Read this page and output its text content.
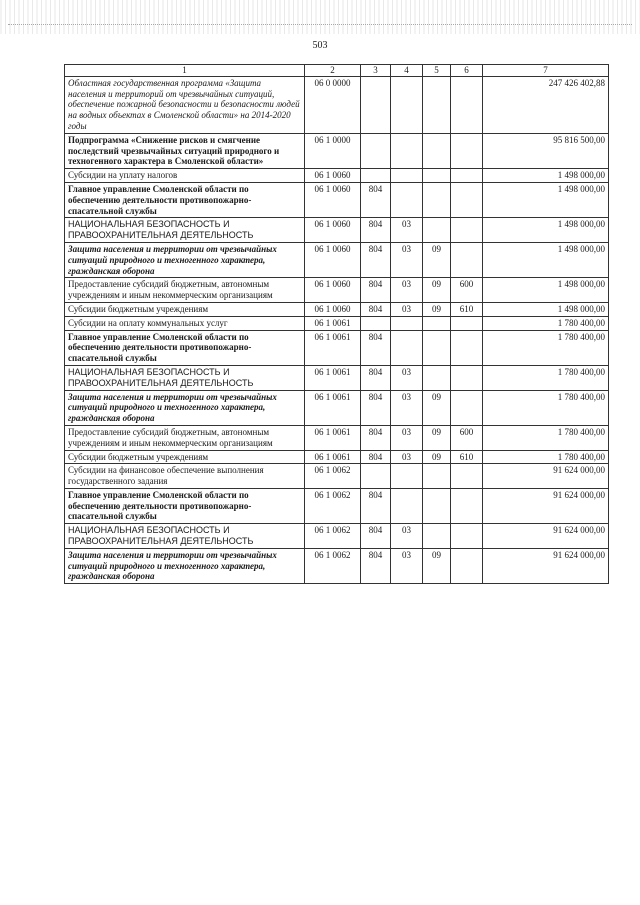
503
1	2	3	4	5	6	7
Областная государственная программа «Защита населения и территорий от чрезвычайных ситуаций, обеспечение пожарной безопасности и безопасности людей на водных объектах в Смоленской области» на 2014-2020 годы	06 0 0000					247 426 402,88
Подпрограмма «Снижение рисков и смягчение последствий чрезвычайных ситуаций природного и техногенного характера в Смоленской области»	06 1 0000					95 816 500,00
Субсидии на уплату налогов	06 1 0060					1 498 000,00
Главное управление Смоленской области по обеспечению деятельности противопожарно-спасательной службы	06 1 0060	804				1 498 000,00
НАЦИОНАЛЬНАЯ БЕЗОПАСНОСТЬ И ПРАВООХРАНИТЕЛЬНАЯ ДЕЯТЕЛЬНОСТЬ	06 1 0060	804	03			1 498 000,00
Защита населения и территории от чрезвычайных ситуаций природного и техногенного характера, гражданская оборона	06 1 0060	804	03	09		1 498 000,00
Предоставление субсидий бюджетным, автономным учреждениям и иным некоммерческим организациям	06 1 0060	804	03	09	600	1 498 000,00
Субсидии бюджетным учреждениям	06 1 0060	804	03	09	610	1 498 000,00
Субсидии на оплату коммунальных услуг	06 1 0061					1 780 400,00
Главное управление Смоленской области по обеспечению деятельности противопожарно-спасательной службы	06 1 0061	804				1 780 400,00
НАЦИОНАЛЬНАЯ БЕЗОПАСНОСТЬ И ПРАВООХРАНИТЕЛЬНАЯ ДЕЯТЕЛЬНОСТЬ	06 1 0061	804	03			1 780 400,00
Защита населения и территории от чрезвычайных ситуаций природного и техногенного характера, гражданская оборона	06 1 0061	804	03	09		1 780 400,00
Предоставление субсидий бюджетным, автономным учреждениям и иным некоммерческим организациям	06 1 0061	804	03	09	600	1 780 400,00
Субсидии бюджетным учреждениям	06 1 0061	804	03	09	610	1 780 400,00
Субсидии на финансовое обеспечение выполнения государственного задания	06 1 0062					91 624 000,00
Главное управление Смоленской области по обеспечению деятельности противопожарно-спасательной службы	06 1 0062	804				91 624 000,00
НАЦИОНАЛЬНАЯ БЕЗОПАСНОСТЬ И ПРАВООХРАНИТЕЛЬНАЯ ДЕЯТЕЛЬНОСТЬ	06 1 0062	804	03			91 624 000,00
Защита населения и территории от чрезвычайных ситуаций природного и техногенного характера, гражданская оборона	06 1 0062	804	03	09		91 624 000,00
